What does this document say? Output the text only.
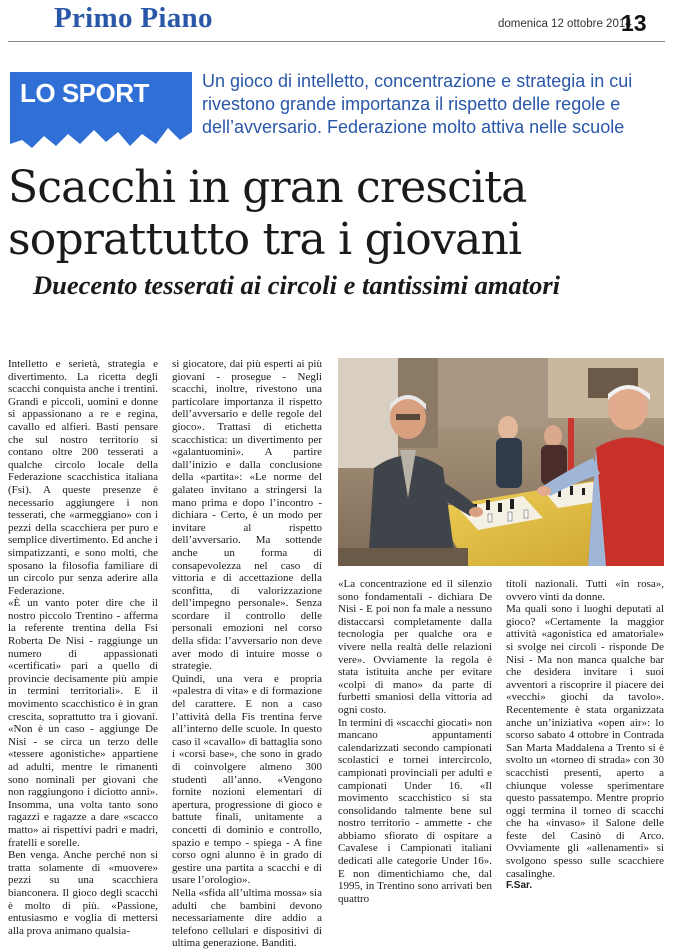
Primo Piano	domenica 12 ottobre 2014
13
LO SPORT	Un gioco di intelletto, concentrazione e strategia in cui rivestono grande importanza il rispetto delle regole e dell’avversario. Federazione molto attiva nelle scuole

Scacchi in gran crescita
soprattutto tra i giovani
Duecento tesserati ai circoli e tantissimi amatori

Intelletto e serietà, strategia e divertimento. La ricetta degli scacchi conquista anche i trentini. Grandi e piccoli, uomini e donne si appassionano a re e regina, cavallo ed alfieri. Basti pensare che sul nostro territorio si contano oltre 200 tesserati a qualche circolo locale della Federazione scacchistica italiana (Fsi). A queste presenze è necessario aggiungere i non tesserati, che «armeggiano» con i pezzi della scacchiera per puro e semplice divertimento. Ed anche i simpatizzanti, e sono molti, che sposano la filosofia familiare di un circolo pur senza aderire alla Federazione.

«È un vanto poter dire che il nostro piccolo Trentino - afferma la referente trentina della Fsi Roberta De Nisi - raggiunge un numero di appassionati «certificati» pari a quello di provincie decisamente più ampie in termini territoriali». E il movimento scacchistico è in gran crescita, soprattutto tra i giovani. «Non è un caso - aggiunge De Nisi - se circa un terzo delle «tessere agonistiche» appartiene ad adulti, mentre le rimanenti sono nominali per giovani che non raggiungono i diciotto anni». Insomma, una volta tanto sono ragazzi e ragazze a dare «scacco matto» ai rispettivi padri e madri, fratelli e sorelle.

Ben venga. Anche perché non si tratta solamente di «muovere» pezzi su una scacchiera bianconera. Il gioco degli scacchi è molto di più. «Passione, entusiasmo e voglia di mettersi alla prova animano qualsia-

si giocatore, dai più esperti ai più giovani - prosegue - Negli scacchi, inoltre, rivestono una particolare importanza il rispetto dell’avversario e delle regole del gioco». Trattasi di etichetta scacchistica: un divertimento per «galantuomini». A partire dall’inizio e dalla conclusione della «partita»: «Le norme del galateo invitano a stringersi la mano prima e dopo l’incontro - dichiara - Certo, è un modo per invitare al rispetto dell’avversario. Ma sottende anche un forma di consapevolezza nel caso di vittoria e di accettazione della sconfitta, di valorizzazione dell’impegno personale». Senza scordare il controllo delle personali emozioni nel corso della sfida: l’avversario non deve aver modo di intuire mosse o strategie.

Quindi, una vera e propria «palestra di vita» e di formazione del carattere. E non a caso l’attività della Fis trentina ferve all’interno delle scuole. In questo caso il «cavallo» di battaglia sono i «corsi base», che sono in grado di coinvolgere almeno 300 studenti all’anno. «Vengono fornite nozioni elementari di apertura, progressione di gioco e battute finali, unitamente a concetti di dominio e controllo, spazio e tempo - spiega - A fine corso ogni alunno è in grado di gestire una partita a scacchi e di usare l’orologio».

Nella «sfida all’ultima mossa» sia adulti che bambini devono necessariamente dire addio a telefono cellulari e dispositivi di ultima generazione. Banditi.

«La concentrazione ed il silenzio sono fondamentali - dichiara De Nisi - E poi non fa male a nessuno distaccarsi completamente dalla tecnologia per qualche ora e vivere nella realtà delle relazioni vere». Ovviamente la regola è stata istituita anche per evitare «colpi di mano» da parte di furbetti smaniosi della vittoria ad ogni costo.

In termini di «scacchi giocati» non mancano appuntamenti calendarizzati secondo campionati scolastici e tornei intercircolo, campionati provinciali per adulti e campionati Under 16. «Il movimento scacchistico si sta consolidando talmente bene sul nostro territorio - ammette - che abbiamo sfiorato di ospitare a Cavalese i Campionati italiani dedicati alle categorie Under 16». E non dimentichiamo che, dal 1995, in Trentino sono arrivati ben quattro

titoli nazionali. Tutti «in rosa», ovvero vinti da donne.

Ma quali sono i luoghi deputati al gioco? «Certamente la maggior attività «agonistica ed amatoriale» si svolge nei circoli - risponde De Nisi - Ma non manca qualche bar che desidera invitare i suoi avventori a riscoprire il piacere dei «vecchi» giochi da tavolo». Recentemente è stata organizzata anche un’iniziativa «open air»: lo scorso sabato 4 ottobre in Contrada San Marta Maddalena a Trento si è svolto un «torneo di strada» con 30 scacchisti presenti, aperto a chiunque volesse sperimentare questo passatempo. Mentre proprio oggi termina il torneo di scacchi che ha «invaso» il Salone delle feste del Casinò di Arco. Ovviamente gli «allenamenti» si svolgono spesso sulle scacchiere casalinghe.

F.Sar.
